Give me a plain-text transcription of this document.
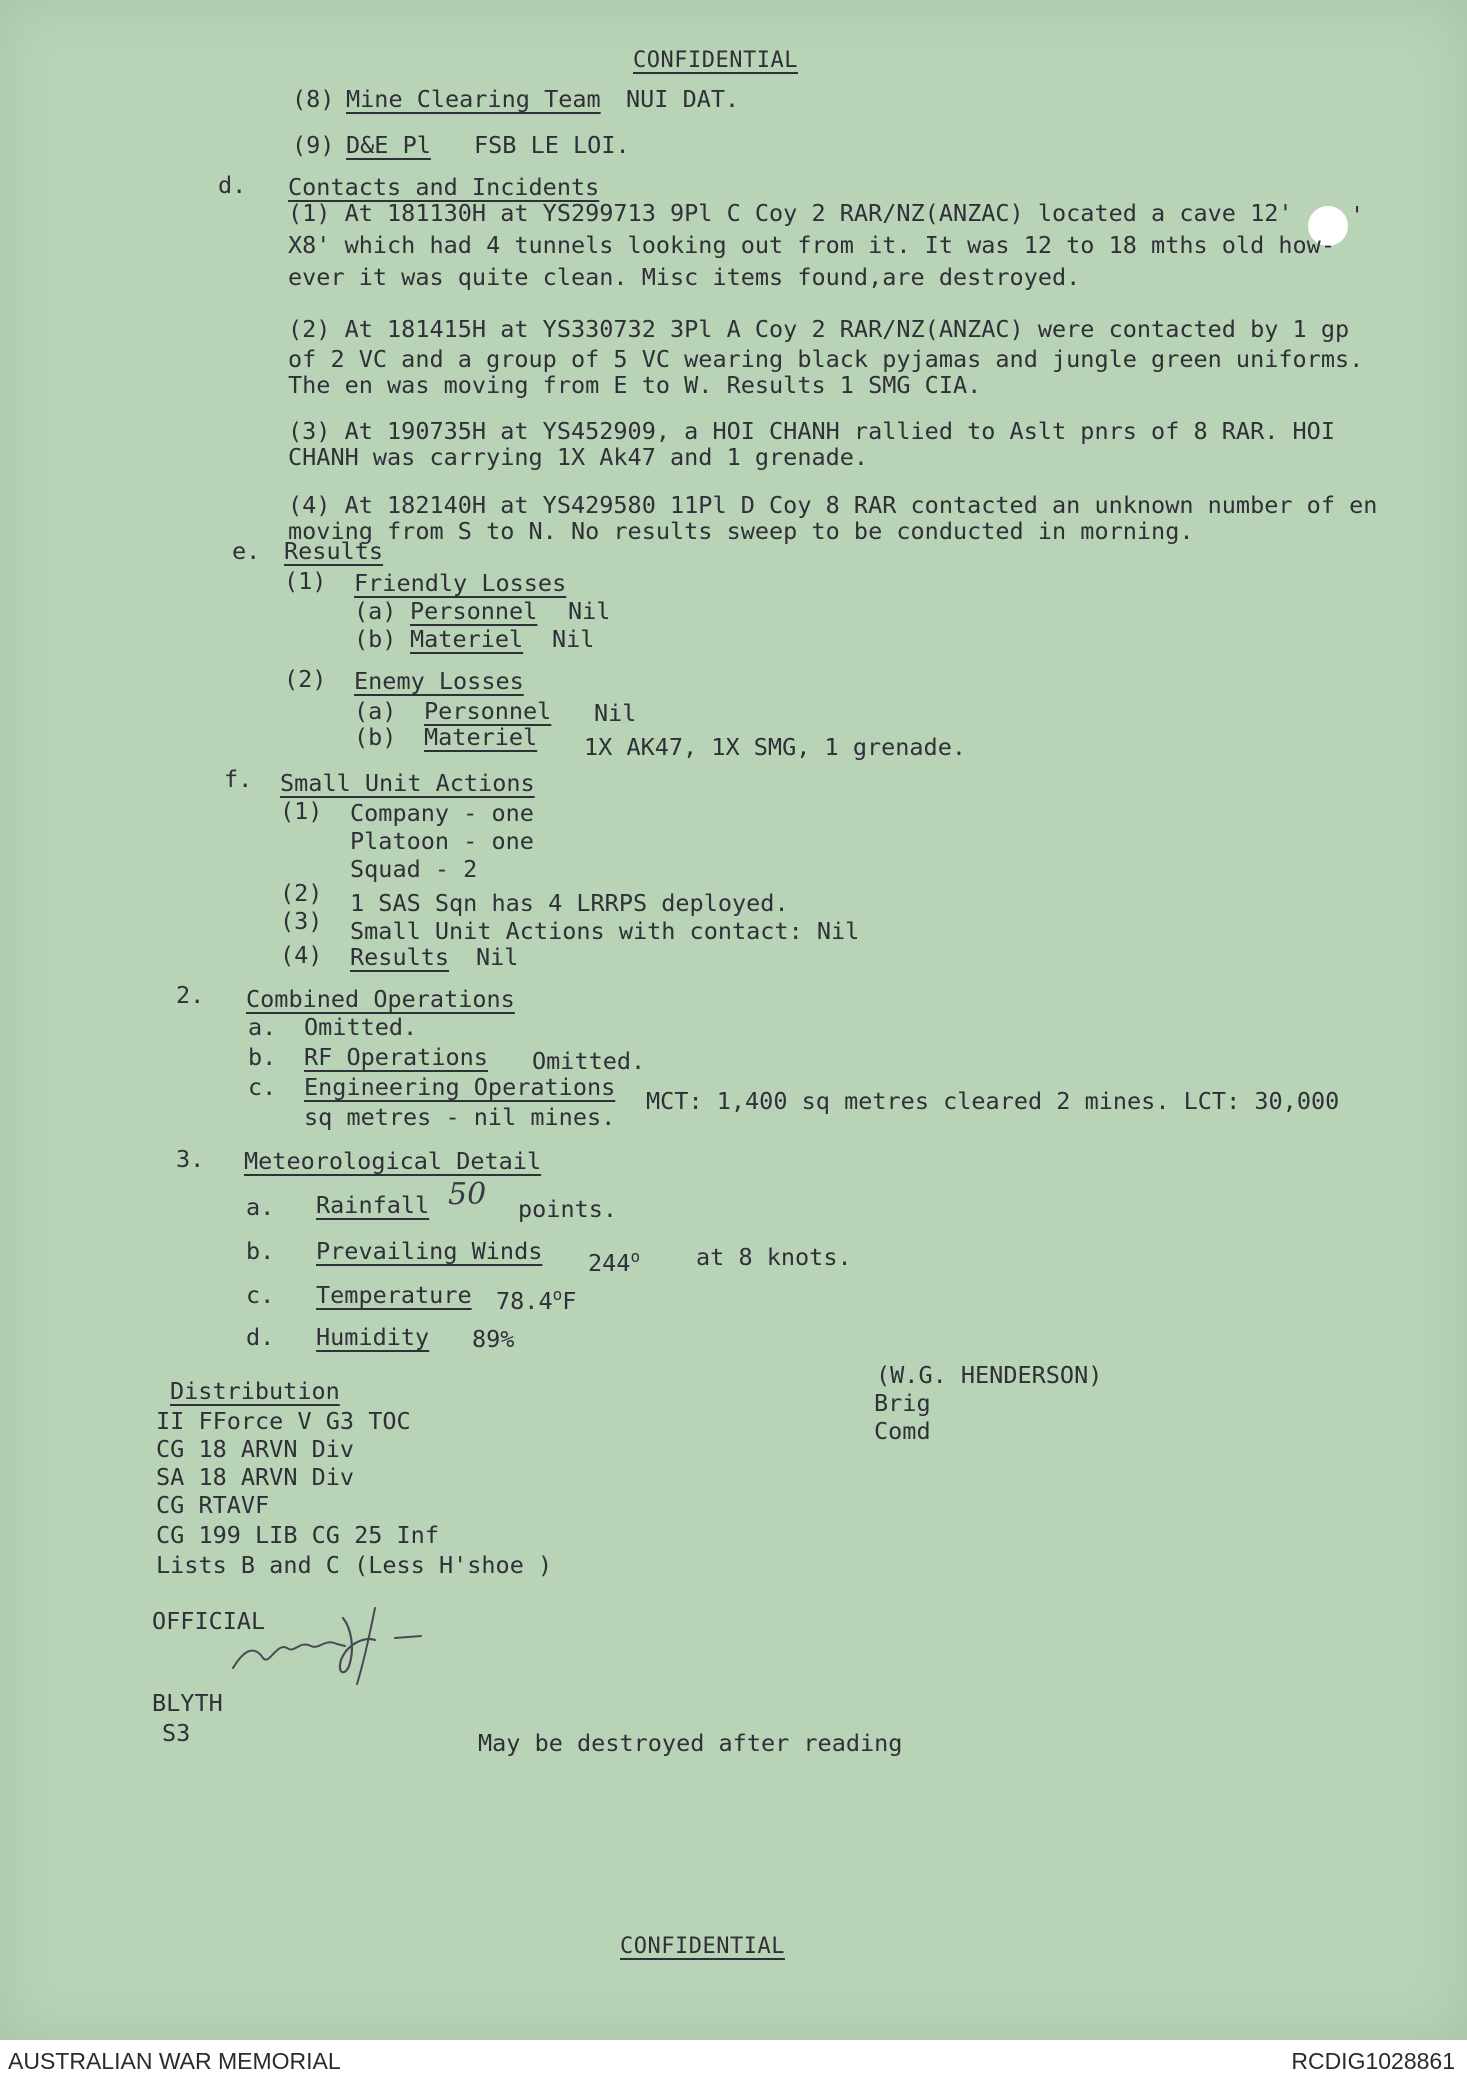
CONFIDENTIAL
(8) Mine Clearing Team NUI DAT.
(9) D&E Pl FSB LE LOI.
d. Contacts and Incidents
(1) At 181130H at YS299713 9Pl C Coy 2 RAR/NZ(ANZAC) located a cave 12' '
X8' which had 4 tunnels looking out from it. It was 12 to 18 mths old how-
ever it was quite clean. Misc items found,are destroyed.
(2) At 181415H at YS330732 3Pl A Coy 2 RAR/NZ(ANZAC) were contacted by 1 gp
of 2 VC and a group of 5 VC wearing black pyjamas and jungle green uniforms.
The en was moving from E to W. Results 1 SMG CIA.
(3) At 190735H at YS452909, a HOI CHANH rallied to Aslt pnrs of 8 RAR. HOI
CHANH was carrying 1X Ak47 and 1 grenade.
(4) At 182140H at YS429580 11Pl D Coy 8 RAR contacted an unknown number of en
moving from S to N. No results sweep to be conducted in morning.
e. Results
(1) Friendly Losses
(a) Personnel Nil
(b) Materiel Nil
(2) Enemy Losses
(a) Personnel Nil
(b) Materiel 1X AK47, 1X SMG, 1 grenade.
f. Small Unit Actions
(1) Company - one
Platoon - one
Squad - 2
(2) 1 SAS Sqn has 4 LRRPS deployed.
(3) Small Unit Actions with contact: Nil
(4) Results Nil
2. Combined Operations
a. Omitted.
b. RF Operations Omitted.
c. Engineering Operations MCT: 1,400 sq metres cleared 2 mines. LCT: 30,000
sq metres - nil mines.
3. Meteorological Detail
a. Rainfall 50 points.
b. Prevailing Winds 244$^o$ at 8 knots.
c. Temperature 78.4$^o$F
d. Humidity 89%
(W.G. HENDERSON)
Brig
Comd
Distribution
II FForce V G3 TOC
CG 18 ARVN Div
SA 18 ARVN Div
CG RTAVF
CG 199 LIB CG 25 Inf
Lists B and C (Less H'shoe )
OFFICIAL
BLYTH
S3	May be destroyed after reading
CONFIDENTIAL
AUSTRALIAN WAR MEMORIAL	RCDIG1028861
